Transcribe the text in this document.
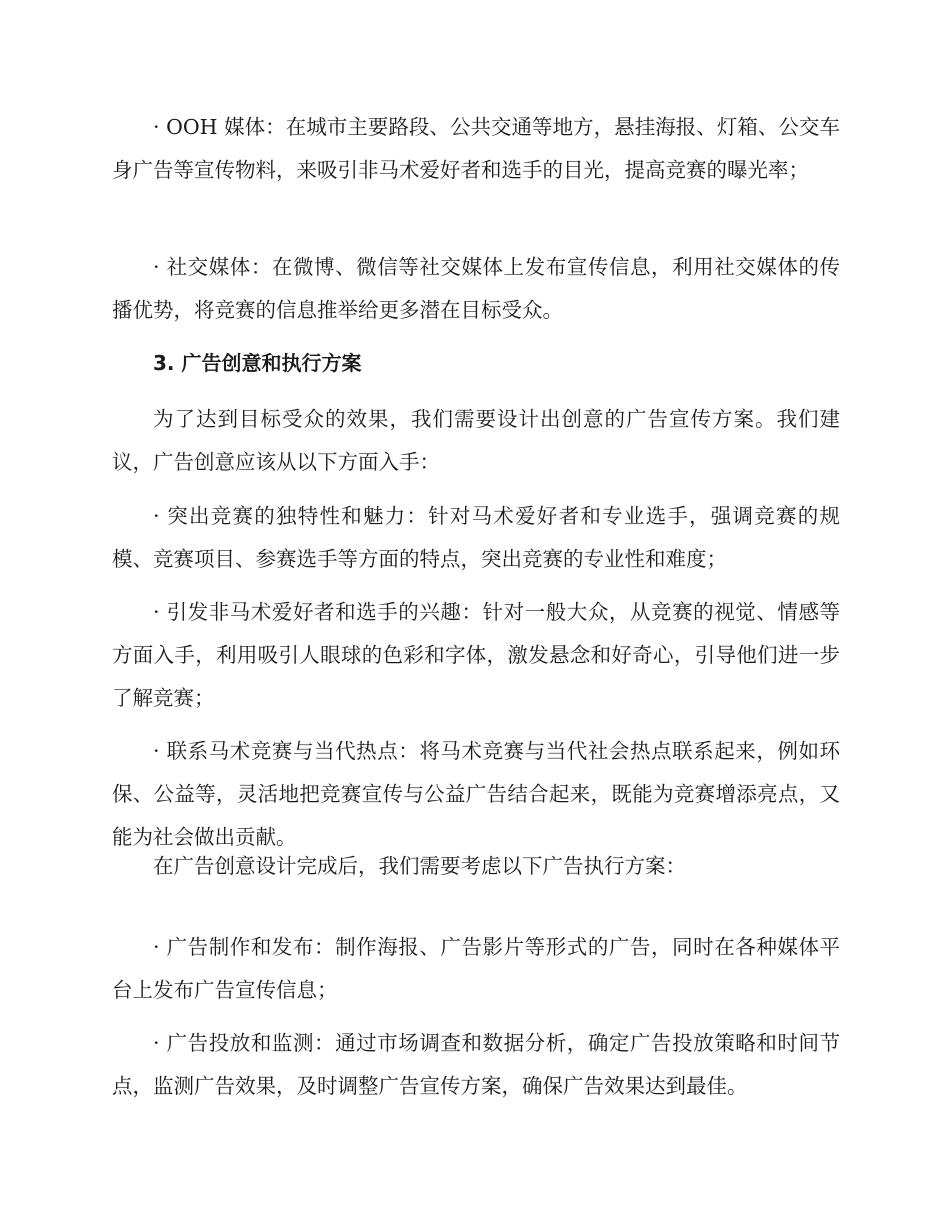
· OOH 媒体：在城市主要路段、公共交通等地方，悬挂海报、灯箱、公交车身广告等宣传物料，来吸引非马术爱好者和选手的目光，提高竞赛的曝光率；

· 社交媒体：在微博、微信等社交媒体上发布宣传信息，利用社交媒体的传播优势，将竞赛的信息推举给更多潜在目标受众。

3. 广告创意和执行方案

为了达到目标受众的效果，我们需要设计出创意的广告宣传方案。我们建议，广告创意应该从以下方面入手：

· 突出竞赛的独特性和魅力：针对马术爱好者和专业选手，强调竞赛的规模、竞赛项目、参赛选手等方面的特点，突出竞赛的专业性和难度；

· 引发非马术爱好者和选手的兴趣：针对一般大众，从竞赛的视觉、情感等方面入手，利用吸引人眼球的色彩和字体，激发悬念和好奇心，引导他们进一步了解竞赛；

· 联系马术竞赛与当代热点：将马术竞赛与当代社会热点联系起来，例如环保、公益等，灵活地把竞赛宣传与公益广告结合起来，既能为竞赛增添亮点，又能为社会做出贡献。

在广告创意设计完成后，我们需要考虑以下广告执行方案：

· 广告制作和发布：制作海报、广告影片等形式的广告，同时在各种媒体平台上发布广告宣传信息；

· 广告投放和监测：通过市场调查和数据分析，确定广告投放策略和时间节点，监测广告效果，及时调整广告宣传方案，确保广告效果达到最佳。
